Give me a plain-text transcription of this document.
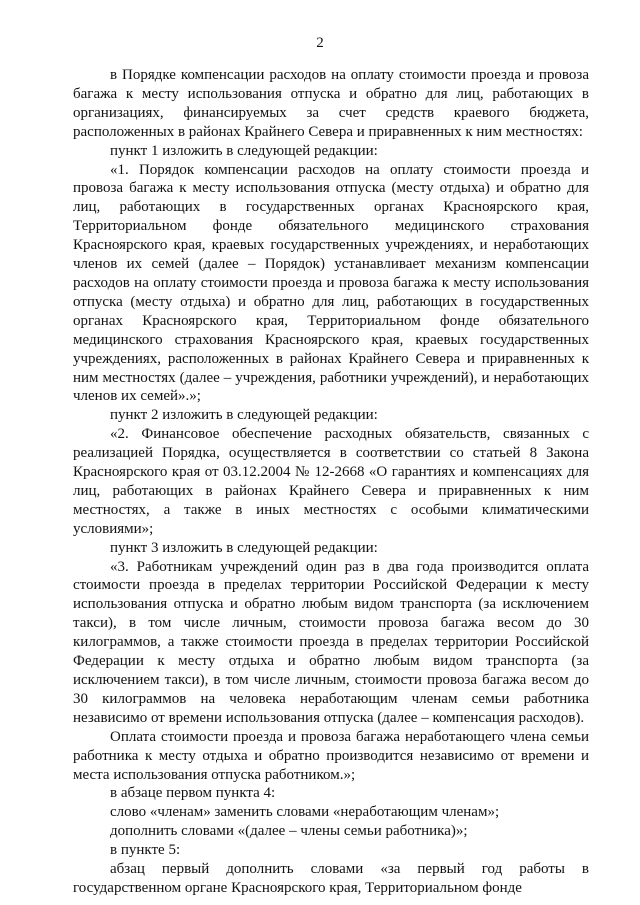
2

в Порядке компенсации расходов на оплату стоимости проезда и провоза багажа к месту использования отпуска и обратно для лиц, работающих в организациях, финансируемых за счет средств краевого бюджета, расположенных в районах Крайнего Севера и приравненных к ним местностях:

пункт 1 изложить в следующей редакции:

«1. Порядок компенсации расходов на оплату стоимости проезда и провоза багажа к месту использования отпуска (месту отдыха) и обратно для лиц, работающих в государственных органах Красноярского края, Территориальном фонде обязательного медицинского страхования Красноярского края, краевых государственных учреждениях, и неработающих членов их семей (далее – Порядок) устанавливает механизм компенсации расходов на оплату стоимости проезда и провоза багажа к месту использования отпуска (месту отдыха) и обратно для лиц, работающих в государственных органах Красноярского края, Территориальном фонде обязательного медицинского страхования Красноярского края, краевых государственных учреждениях, расположенных в районах Крайнего Севера и приравненных к ним местностях (далее – учреждения, работники учреждений), и неработающих членов их семей».»;

пункт 2 изложить в следующей редакции:

«2. Финансовое обеспечение расходных обязательств, связанных с реализацией Порядка, осуществляется в соответствии со статьей 8 Закона Красноярского края от 03.12.2004 № 12-2668 «О гарантиях и компенсациях для лиц, работающих в районах Крайнего Севера и приравненных к ним местностях, а также в иных местностях с особыми климатическими условиями»;

пункт 3 изложить в следующей редакции:

«3. Работникам учреждений один раз в два года производится оплата стоимости проезда в пределах территории Российской Федерации к месту использования отпуска и обратно любым видом транспорта (за исключением такси), в том числе личным, стоимости провоза багажа весом до 30 килограммов, а также стоимости проезда в пределах территории Российской Федерации к месту отдыха и обратно любым видом транспорта (за исключением такси), в том числе личным, стоимости провоза багажа весом до 30 килограммов на человека неработающим членам семьи работника независимо от времени использования отпуска (далее – компенсация расходов).

Оплата стоимости проезда и провоза багажа неработающего члена семьи работника к месту отдыха и обратно производится независимо от времени и места использования отпуска работником.»;

в абзаце первом пункта 4:

слово «членам» заменить словами «неработающим членам»;

дополнить словами «(далее – члены семьи работника)»;

в пункте 5:

абзац первый дополнить словами «за первый год работы в государственном органе Красноярского края, Территориальном фонде
